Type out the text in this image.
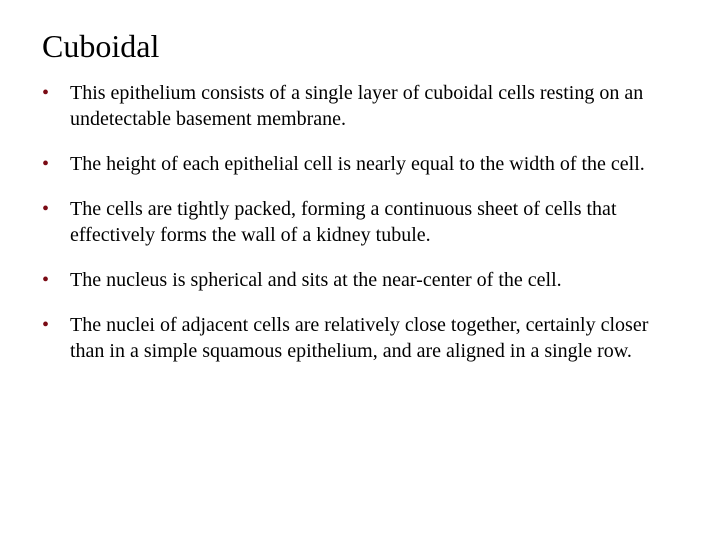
Cuboidal
•	This epithelium consists of a single layer of cuboidal cells resting on an undetectable basement membrane.
•	The height of each epithelial cell is nearly equal to the width of the cell.
•	The cells are tightly packed, forming a continuous sheet of cells that effectively forms the wall of a kidney tubule.
•	The nucleus is spherical and sits at the near-center of the cell.
•	The nuclei of adjacent cells are relatively close together, certainly closer than in a simple squamous epithelium, and are aligned in a single row.
